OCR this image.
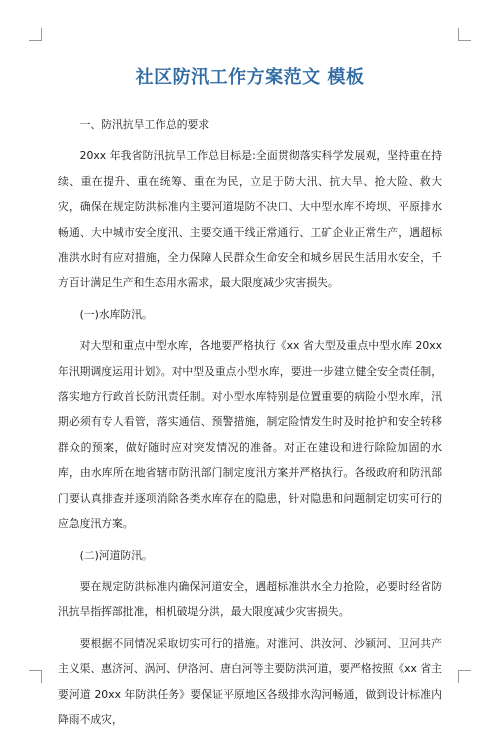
社区防汛工作方案范文 模板

一、防汛抗旱工作总的要求

20xx 年我省防汛抗旱工作总目标是:全面贯彻落实科学发展观，坚持重在持续、重在提升、重在统筹、重在为民，立足于防大汛、抗大旱、抢大险、救大灾，确保在规定防洪标准内主要河道堤防不决口、大中型水库不垮坝、平原排水畅通、大中城市安全度汛、主要交通干线正常通行、工矿企业正常生产，遇超标准洪水时有应对措施，全力保障人民群众生命安全和城乡居民生活用水安全，千方百计满足生产和生态用水需求，最大限度减少灾害损失。

(一)水库防汛。

对大型和重点中型水库，各地要严格执行《xx 省大型及重点中型水库 20xx 年汛期调度运用计划》。对中型及重点小型水库，要进一步建立健全安全责任制，落实地方行政首长防汛责任制。对小型水库特别是位置重要的病险小型水库，汛期必须有专人看管，落实通信、预警措施，制定险情发生时及时抢护和安全转移群众的预案，做好随时应对突发情况的准备。对正在建设和进行除险加固的水库，由水库所在地省辖市防汛部门制定度汛方案并严格执行。各级政府和防汛部门要认真排查并逐项消除各类水库存在的隐患，针对隐患和问题制定切实可行的应急度汛方案。

(二)河道防汛。

要在规定防洪标准内确保河道安全，遇超标准洪水全力抢险，必要时经省防汛抗旱指挥部批准，相机破堤分洪，最大限度减少灾害损失。

要根据不同情况采取切实可行的措施。对淮河、洪汝河、沙颍河、卫河共产主义渠、惠济河、涡河、伊洛河、唐白河等主要防洪河道，要严格按照《xx 省主要河道 20xx 年防洪任务》要保证平原地区各级排水沟河畅通，做到设计标准内降雨不成灾，
